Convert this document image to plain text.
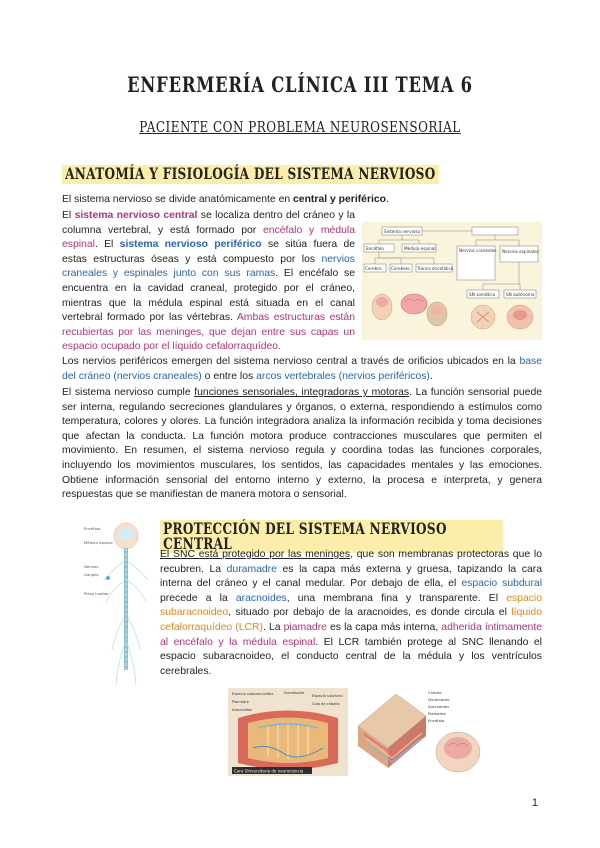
ENFERMERÍA CLÍNICA III TEMA 6
PACIENTE CON PROBLEMA NEUROSENSORIAL
ANATOMÍA Y FISIOLOGÍA DEL SISTEMA NERVIOSO
El sistema nervioso se divide anatómicamente en central y periférico.
El sistema nervioso central se localiza dentro del cráneo y la columna vertebral, y está formado por encéfalo y médula espinal. El sistema nervioso periférico se sitúa fuera de estas estructuras óseas y está compuesto por los nervios craneales y espinales junto con sus ramas. El encéfalo se encuentra en la cavidad craneal, protegido por el cráneo, mientras que la médula espinal está situada en el canal vertebral formado por las vértebras. Ambas estructuras están recubiertas por las meninges, que dejan entre sus capas un espacio ocupado por el líquido cefalorraquídeo.
Sistema nervioso
Encéfalo	Médula espinal
Cerebro Cerebelo Tronco encefálico
Nervios craneales Nervios espinales
SN somático	SN autónomo
Los nervios periféricos emergen del sistema nervioso central a través de orificios ubicados en la base del cráneo (nervios craneales) o entre los arcos vertebrales (nervios periféricos).
El sistema nervioso cumple funciones sensoriales, integradoras y motoras. La función sensorial puede ser interna, regulando secreciones glandulares y órganos, o externa, respondiendo a estímulos como temperatura, colores y olores. La función integradora analiza la información recibida y toma decisiones que afectan la conducta. La función motora produce contracciones musculares que permiten el movimiento. En resumen, el sistema nervioso regula y coordina todas las funciones corporales, incluyendo los movimientos musculares, los sentidos, las capacidades mentales y las emociones. Obtiene información sensorial del entorno interno y externo, la procesa e interpreta, y genera respuestas que se manifiestan de manera motora o sensorial.
Encéfalo
Médula espinal
Nervios
Ganglio
Plexo lumbar
PROTECCIÓN DEL SISTEMA NERVIOSO CENTRAL
El SNC está protegido por las meninges, que son membranas protectoras que lo recubren. La duramadre es la capa más externa y gruesa, tapizando la cara interna del cráneo y el canal medular. Por debajo de ella, el espacio subdural precede a la aracnoides, una membrana fina y transparente. El espacio subaracnoideo, situado por debajo de la aracnoides, es donde circula el líquido cefalorraquídeo (LCR). La piamadre es la capa más interna, adherida íntimamente al encéfalo y la médula espinal. El LCR también protege al SNC llenando el espacio subaracnoideo, el conducto central de la médula y los ventrículos cerebrales.
Espacio subaracnoideo	Duramadre
Espacio subdural
Piamadre
Aracnoides
Cola de caballo
Cara Universitaria de neurociencia
Cráneo
Duramadre
Aracnoides
Piamadre
Encéfalo
1
